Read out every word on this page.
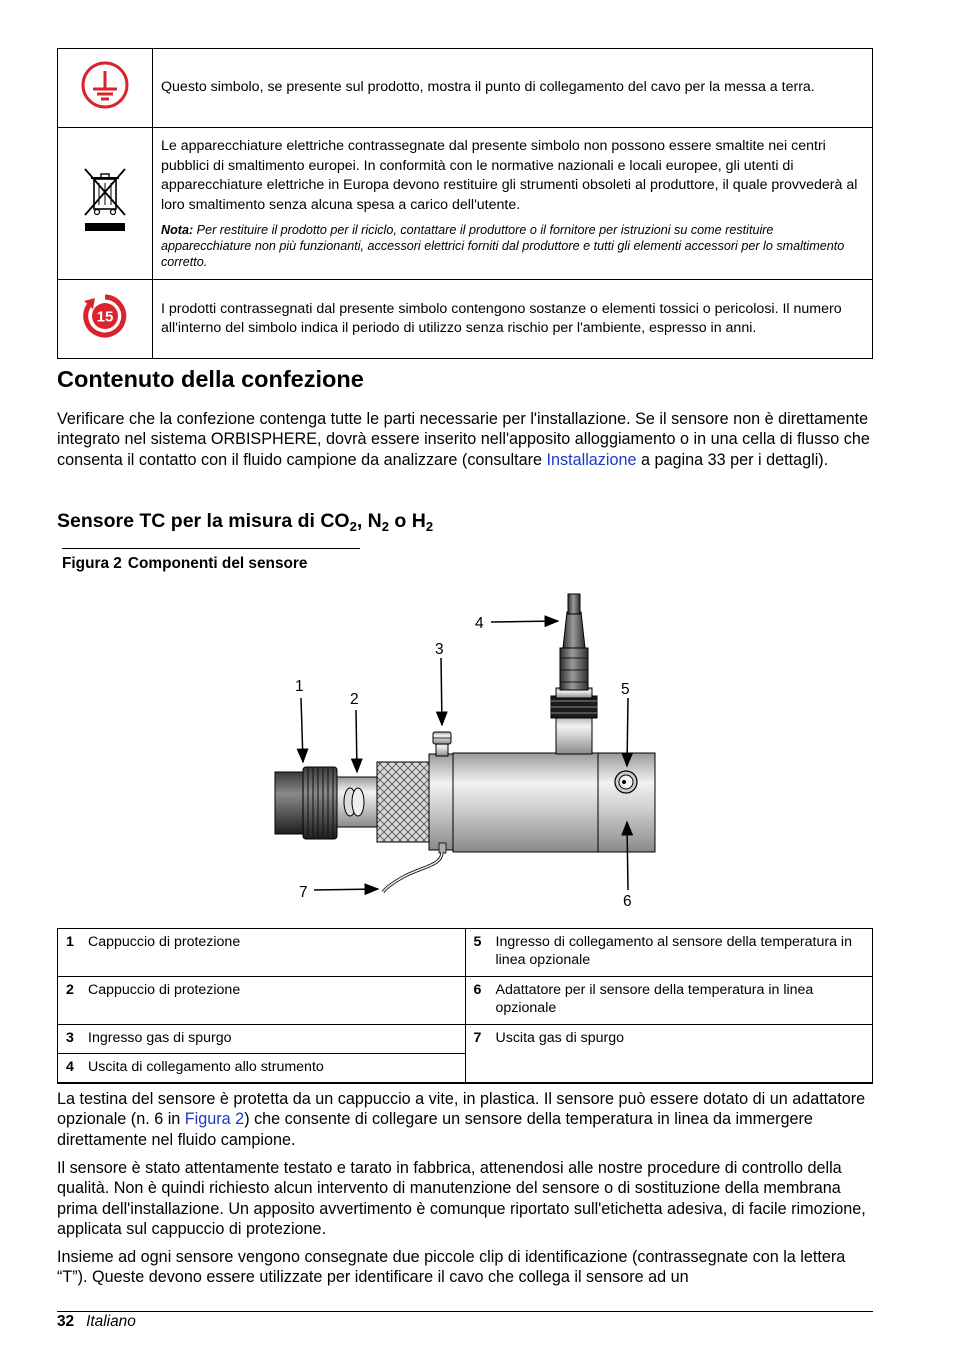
	Questo simbolo, se presente sul prodotto, mostra il punto di collegamento del cavo per la messa a terra.

Le apparecchiature elettriche contrassegnate dal presente simbolo non possono essere smaltite nei centri pubblici di smaltimento europei. In conformità con le normative nazionali e locali europee, gli utenti di apparecchiature elettriche in Europa devono restituire gli strumenti obsoleti al produttore, il quale provvederà al loro smaltimento senza alcuna spesa a carico dell'utente.
Nota: Per restituire il prodotto per il riciclo, contattare il produttore o il fornitore per istruzioni su come restituire apparecchiature non più funzionanti, accessori elettrici forniti dal produttore e tutti gli elementi accessori per lo smaltimento corretto.

15	I prodotti contrassegnati dal presente simbolo contengono sostanze o elementi tossici o pericolosi. Il numero all'interno del simbolo indica il periodo di utilizzo senza rischio per l'ambiente, espresso in anni.
Contenuto della confezione

Verificare che la confezione contenga tutte le parti necessarie per l'installazione. Se il sensore non è direttamente integrato nel sistema ORBISPHERE, dovrà essere inserito nell'apposito alloggiamento o in una cella di flusso che consenta il contatto con il fluido campione da analizzare (consultare Installazione a pagina 33 per i dettagli).

Sensore TC per la misura di $CO_2$, $N_2$ o $H_2$
Figura 2 Componenti del sensore
1
2
3
4
5
6
7
1 Cappuccio di protezione	5 Ingresso di collegamento al sensore della temperatura in linea opzionale

2 Cappuccio di protezione	6 Adattatore per il sensore della temperatura in linea opzionale

3 Ingresso gas di spurgo	7 Uscita gas di spurgo

4 Uscita di collegamento allo strumento	

La testina del sensore è protetta da un cappuccio a vite, in plastica. Il sensore può essere dotato di un adattatore opzionale (n. 6 in Figura 2) che consente di collegare un sensore della temperatura in linea da immergere direttamente nel fluido campione.

Il sensore è stato attentamente testato e tarato in fabbrica, attenendosi alle nostre procedure di controllo della qualità. Non è quindi richiesto alcun intervento di manutenzione del sensore o di sostituzione della membrana prima dell'installazione. Un apposito avvertimento è comunque riportato sull'etichetta adesiva, di facile rimozione, applicata sul cappuccio di protezione.

Insieme ad ogni sensore vengono consegnate due piccole clip di identificazione (contrassegnate con la lettera “T”). Queste devono essere utilizzate per identificare il cavo che collega il sensore ad un

32 Italiano
